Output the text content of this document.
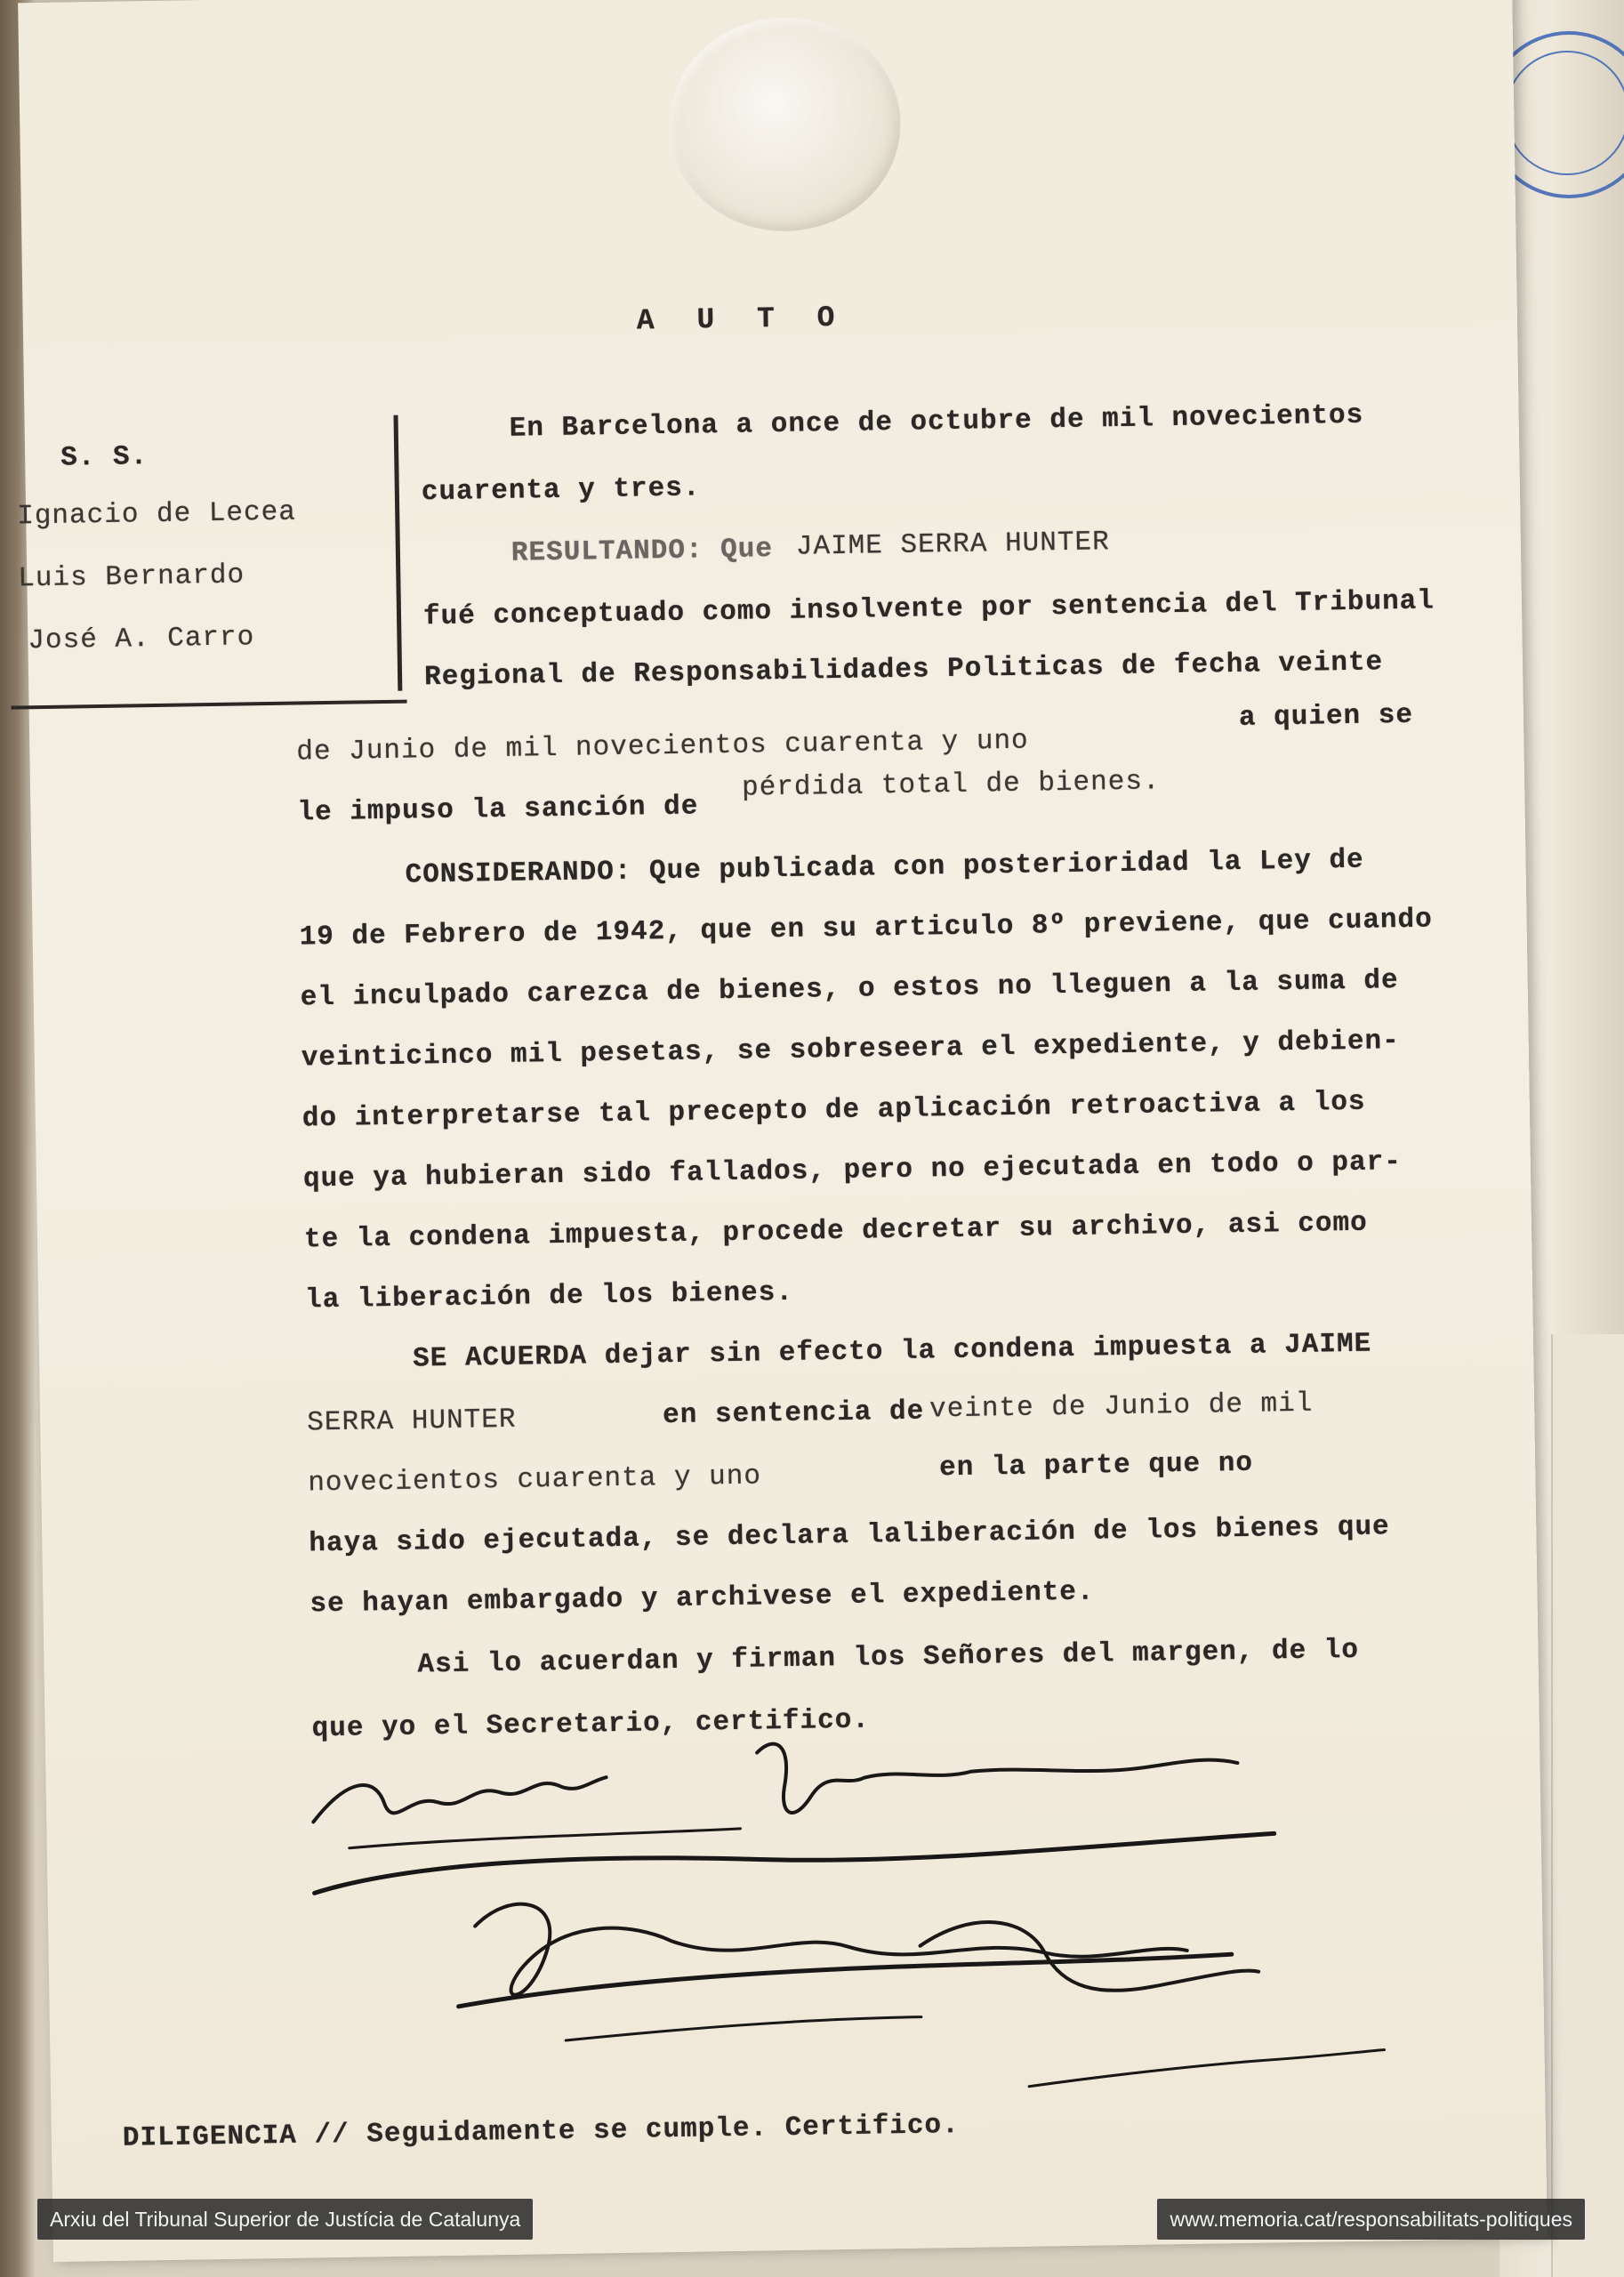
A U T O
S. S.
Ignacio de Lecea
Luis Bernardo
José A. Carro
En Barcelona a once de octubre de mil novecientos
cuarenta y tres.
RESULTANDO: Que JAIME SERRA HUNTER
fué conceptuado como insolvente por sentencia del Tribunal
Regional de Responsabilidades Politicas de fecha veinte
de Junio de mil novecientos cuarenta y uno
a quien se
le impuso la sanción de
pérdida total de bienes.
CONSIDERANDO: Que publicada con posterioridad la Ley de
19 de Febrero de 1942, que en su articulo 8º previene, que cuando
el inculpado carezca de bienes, o estos no lleguen a la suma de
veinticinco mil pesetas, se sobreseera el expediente, y debien-
do interpretarse tal precepto de aplicación retroactiva a los
que ya hubieran sido fallados, pero no ejecutada en todo o par-
te la condena impuesta, procede decretar su archivo, asi como
la liberación de los bienes.
SE ACUERDA dejar sin efecto la condena impuesta a JAIME
SERRA HUNTER	en sentencia de veinte de Junio de mil
novecientos cuarenta y uno	en la parte que no
haya sido ejecutada, se declara laliberación de los bienes que
se hayan embargado y archivese el expediente.
Asi lo acuerdan y firman los Señores del margen, de lo
que yo el Secretario, certifico.
DILIGENCIA // Seguidamente se cumple. Certifico.
Arxiu del Tribunal Superior de Justícia de Catalunya	www.memoria.cat/responsabilitats-politiques
